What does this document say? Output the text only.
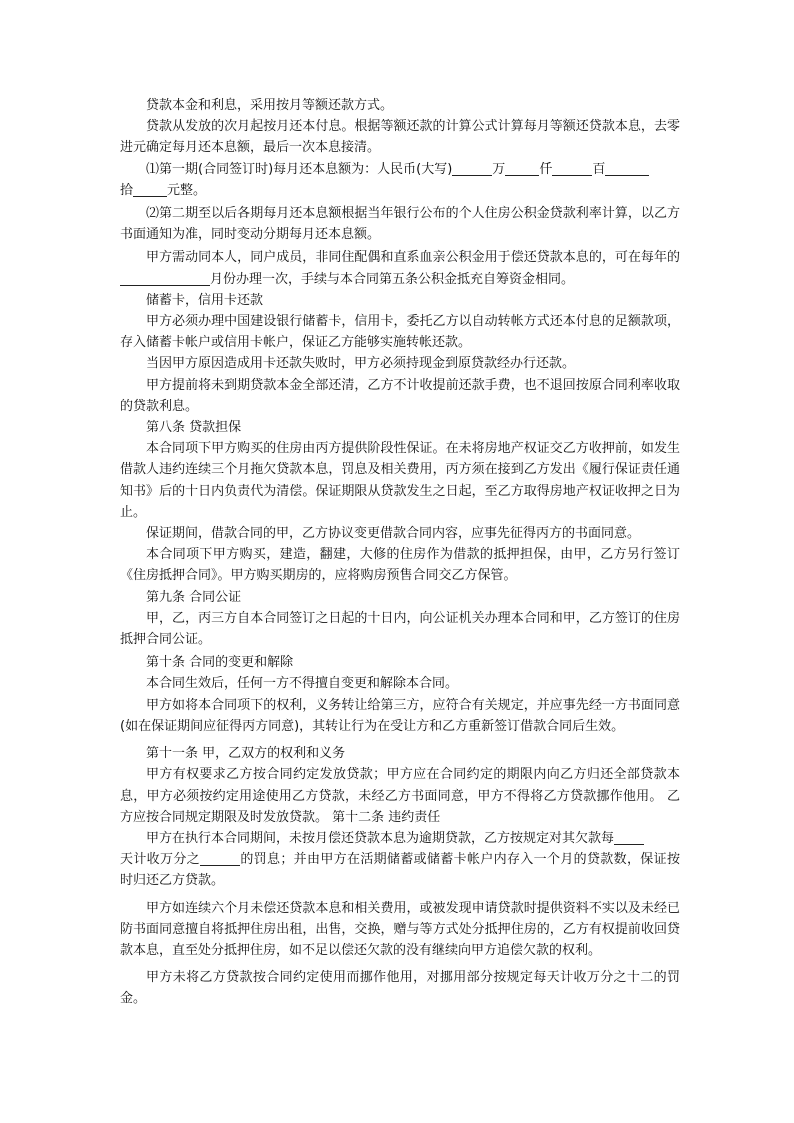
贷款本金和利息，采用按月等额还款方式。

贷款从发放的次月起按月还本付息。根据等额还款的计算公式计算每月等额还贷款本息，去零进元确定每月还本息额，最后一次本息接清。

⑴第一期(合同签订时)每月还本息额为：人民币(大写)	万	仟	百
拾	元整。

⑵第二期至以后各期每月还本息额根据当年银行公布的个人住房公积金贷款利率计算，以乙方书面通知为准，同时变动分期每月还本息额。

甲方需动同本人，同户成员，非同住配偶和直系血亲公积金用于偿还贷款本息的，可在每年的月份办理一次，手续与本合同第五条公积金抵充自筹资金相同。

储蓄卡，信用卡还款

甲方必须办理中国建设银行储蓄卡，信用卡，委托乙方以自动转帐方式还本付息的足额款项，存入储蓄卡帐户或信用卡帐户，保证乙方能够实施转帐还款。

当因甲方原因造成用卡还款失败时，甲方必须持现金到原贷款经办行还款。

甲方提前将未到期贷款本金全部还清，乙方不计收提前还款手费，也不退回按原合同利率收取的贷款利息。

第八条 贷款担保

本合同项下甲方购买的住房由丙方提供阶段性保证。在未将房地产权证交乙方收押前，如发生借款人违约连续三个月拖欠贷款本息，罚息及相关费用，丙方须在接到乙方发出《履行保证责任通知书》后的十日内负责代为清偿。保证期限从贷款发生之日起，至乙方取得房地产权证收押之日为止。

保证期间，借款合同的甲，乙方协议变更借款合同内容，应事先征得丙方的书面同意。

本合同项下甲方购买，建造，翻建，大修的住房作为借款的抵押担保，由甲，乙方另行签订《住房抵押合同》。甲方购买期房的，应将购房预售合同交乙方保管。

第九条 合同公证

甲，乙，丙三方自本合同签订之日起的十日内，向公证机关办理本合同和甲，乙方签订的住房抵押合同公证。

第十条 合同的变更和解除

本合同生效后，任何一方不得擅自变更和解除本合同。

甲方如将本合同项下的权利，义务转让给第三方，应符合有关规定，并应事先经一方书面同意(如在保证期间应征得丙方同意)，其转让行为在受让方和乙方重新签订借款合同后生效。

第十一条 甲，乙双方的权利和义务

甲方有权要求乙方按合同约定发放贷款；甲方应在合同约定的期限内向乙方归还全部贷款本息，甲方必须按约定用途使用乙方贷款，未经乙方书面同意，甲方不得将乙方贷款挪作他用。 乙方应按合同规定期限及时发放贷款。 第十二条 违约责任

甲方在执行本合同期间，未按月偿还贷款本息为逾期贷款，乙方按规定对其欠款每
天计收万分之	的罚息；并由甲方在活期储蓄或储蓄卡帐户内存入一个月的贷款数，保证按时归还乙方贷款。

甲方如连续六个月未偿还贷款本息和相关费用，或被发现申请贷款时提供资料不实以及未经已防书面同意擅自将抵押住房出租，出售，交换，赠与等方式处分抵押住房的，乙方有权提前收回贷款本息，直至处分抵押住房，如不足以偿还欠款的没有继续向甲方追偿欠款的权利。

甲方未将乙方贷款按合同约定使用而挪作他用，对挪用部分按规定每天计收万分之十二的罚金。
